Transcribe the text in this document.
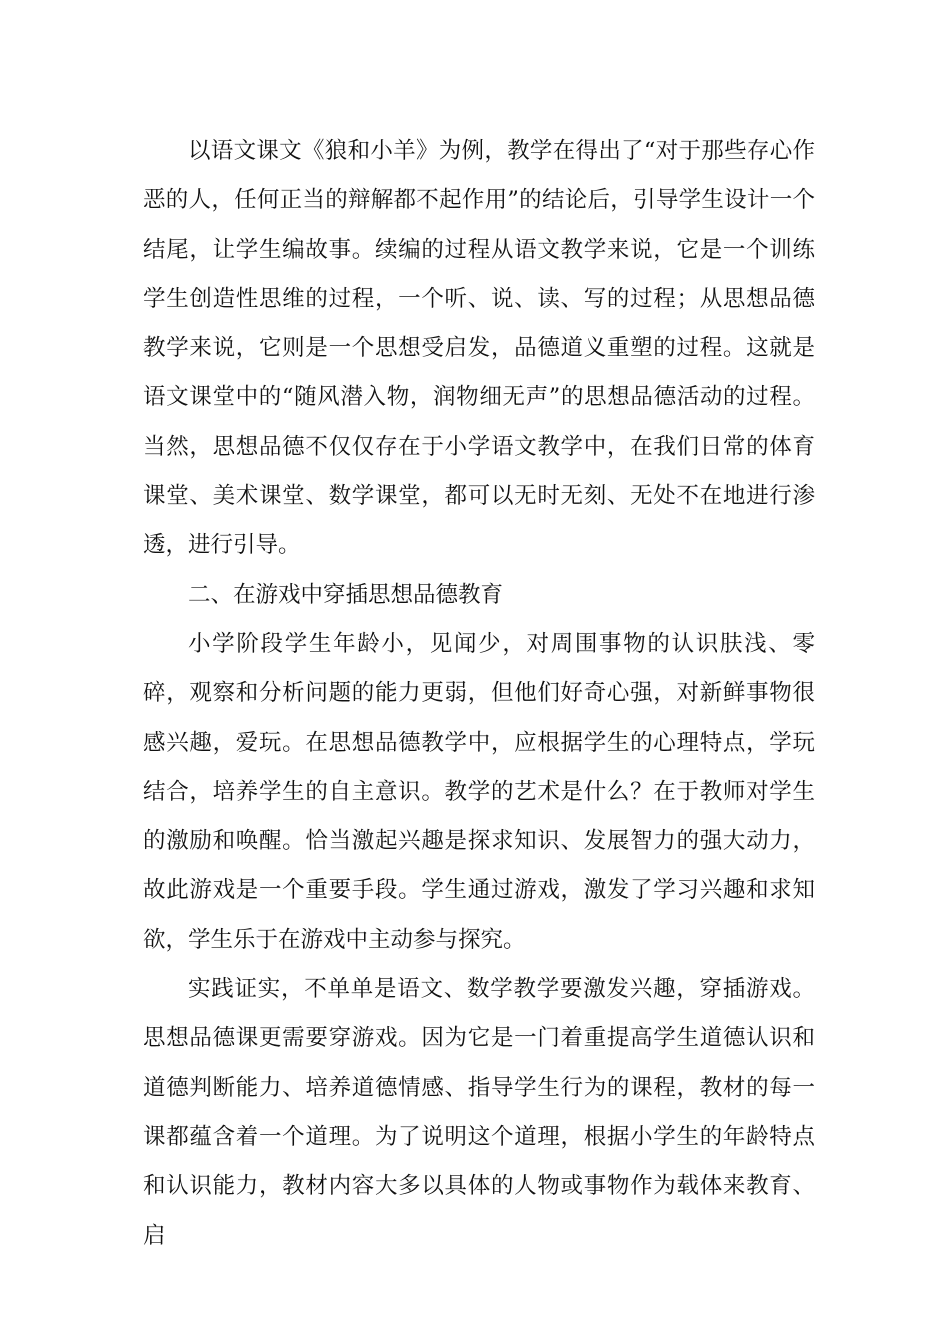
以语文课文《狼和小羊》为例，教学在得出了“对于那些存心作恶的人，任何正当的辩解都不起作用”的结论后，引导学生设计一个结尾，让学生编故事。续编的过程从语文教学来说，它是一个训练学生创造性思维的过程，一个听、说、读、写的过程；从思想品德教学来说，它则是一个思想受启发，品德道义重塑的过程。这就是语文课堂中的“随风潜入物，润物细无声”的思想品德活动的过程。当然，思想品德不仅仅存在于小学语文教学中，在我们日常的体育课堂、美术课堂、数学课堂，都可以无时无刻、无处不在地进行渗透，进行引导。

二、在游戏中穿插思想品德教育

小学阶段学生年龄小，见闻少，对周围事物的认识肤浅、零碎，观察和分析问题的能力更弱，但他们好奇心强，对新鲜事物很感兴趣，爱玩。在思想品德教学中，应根据学生的心理特点，学玩结合，培养学生的自主意识。教学的艺术是什么？在于教师对学生的激励和唤醒。恰当激起兴趣是探求知识、发展智力的强大动力，故此游戏是一个重要手段。学生通过游戏，激发了学习兴趣和求知欲，学生乐于在游戏中主动参与探究。

实践证实，不单单是语文、数学教学要激发兴趣，穿插游戏。思想品德课更需要穿游戏。因为它是一门着重提高学生道德认识和道德判断能力、培养道德情感、指导学生行为的课程，教材的每一课都蕴含着一个道理。为了说明这个道理，根据小学生的年龄特点和认识能力，教材内容大多以具体的人物或事物作为载体来教育、启
